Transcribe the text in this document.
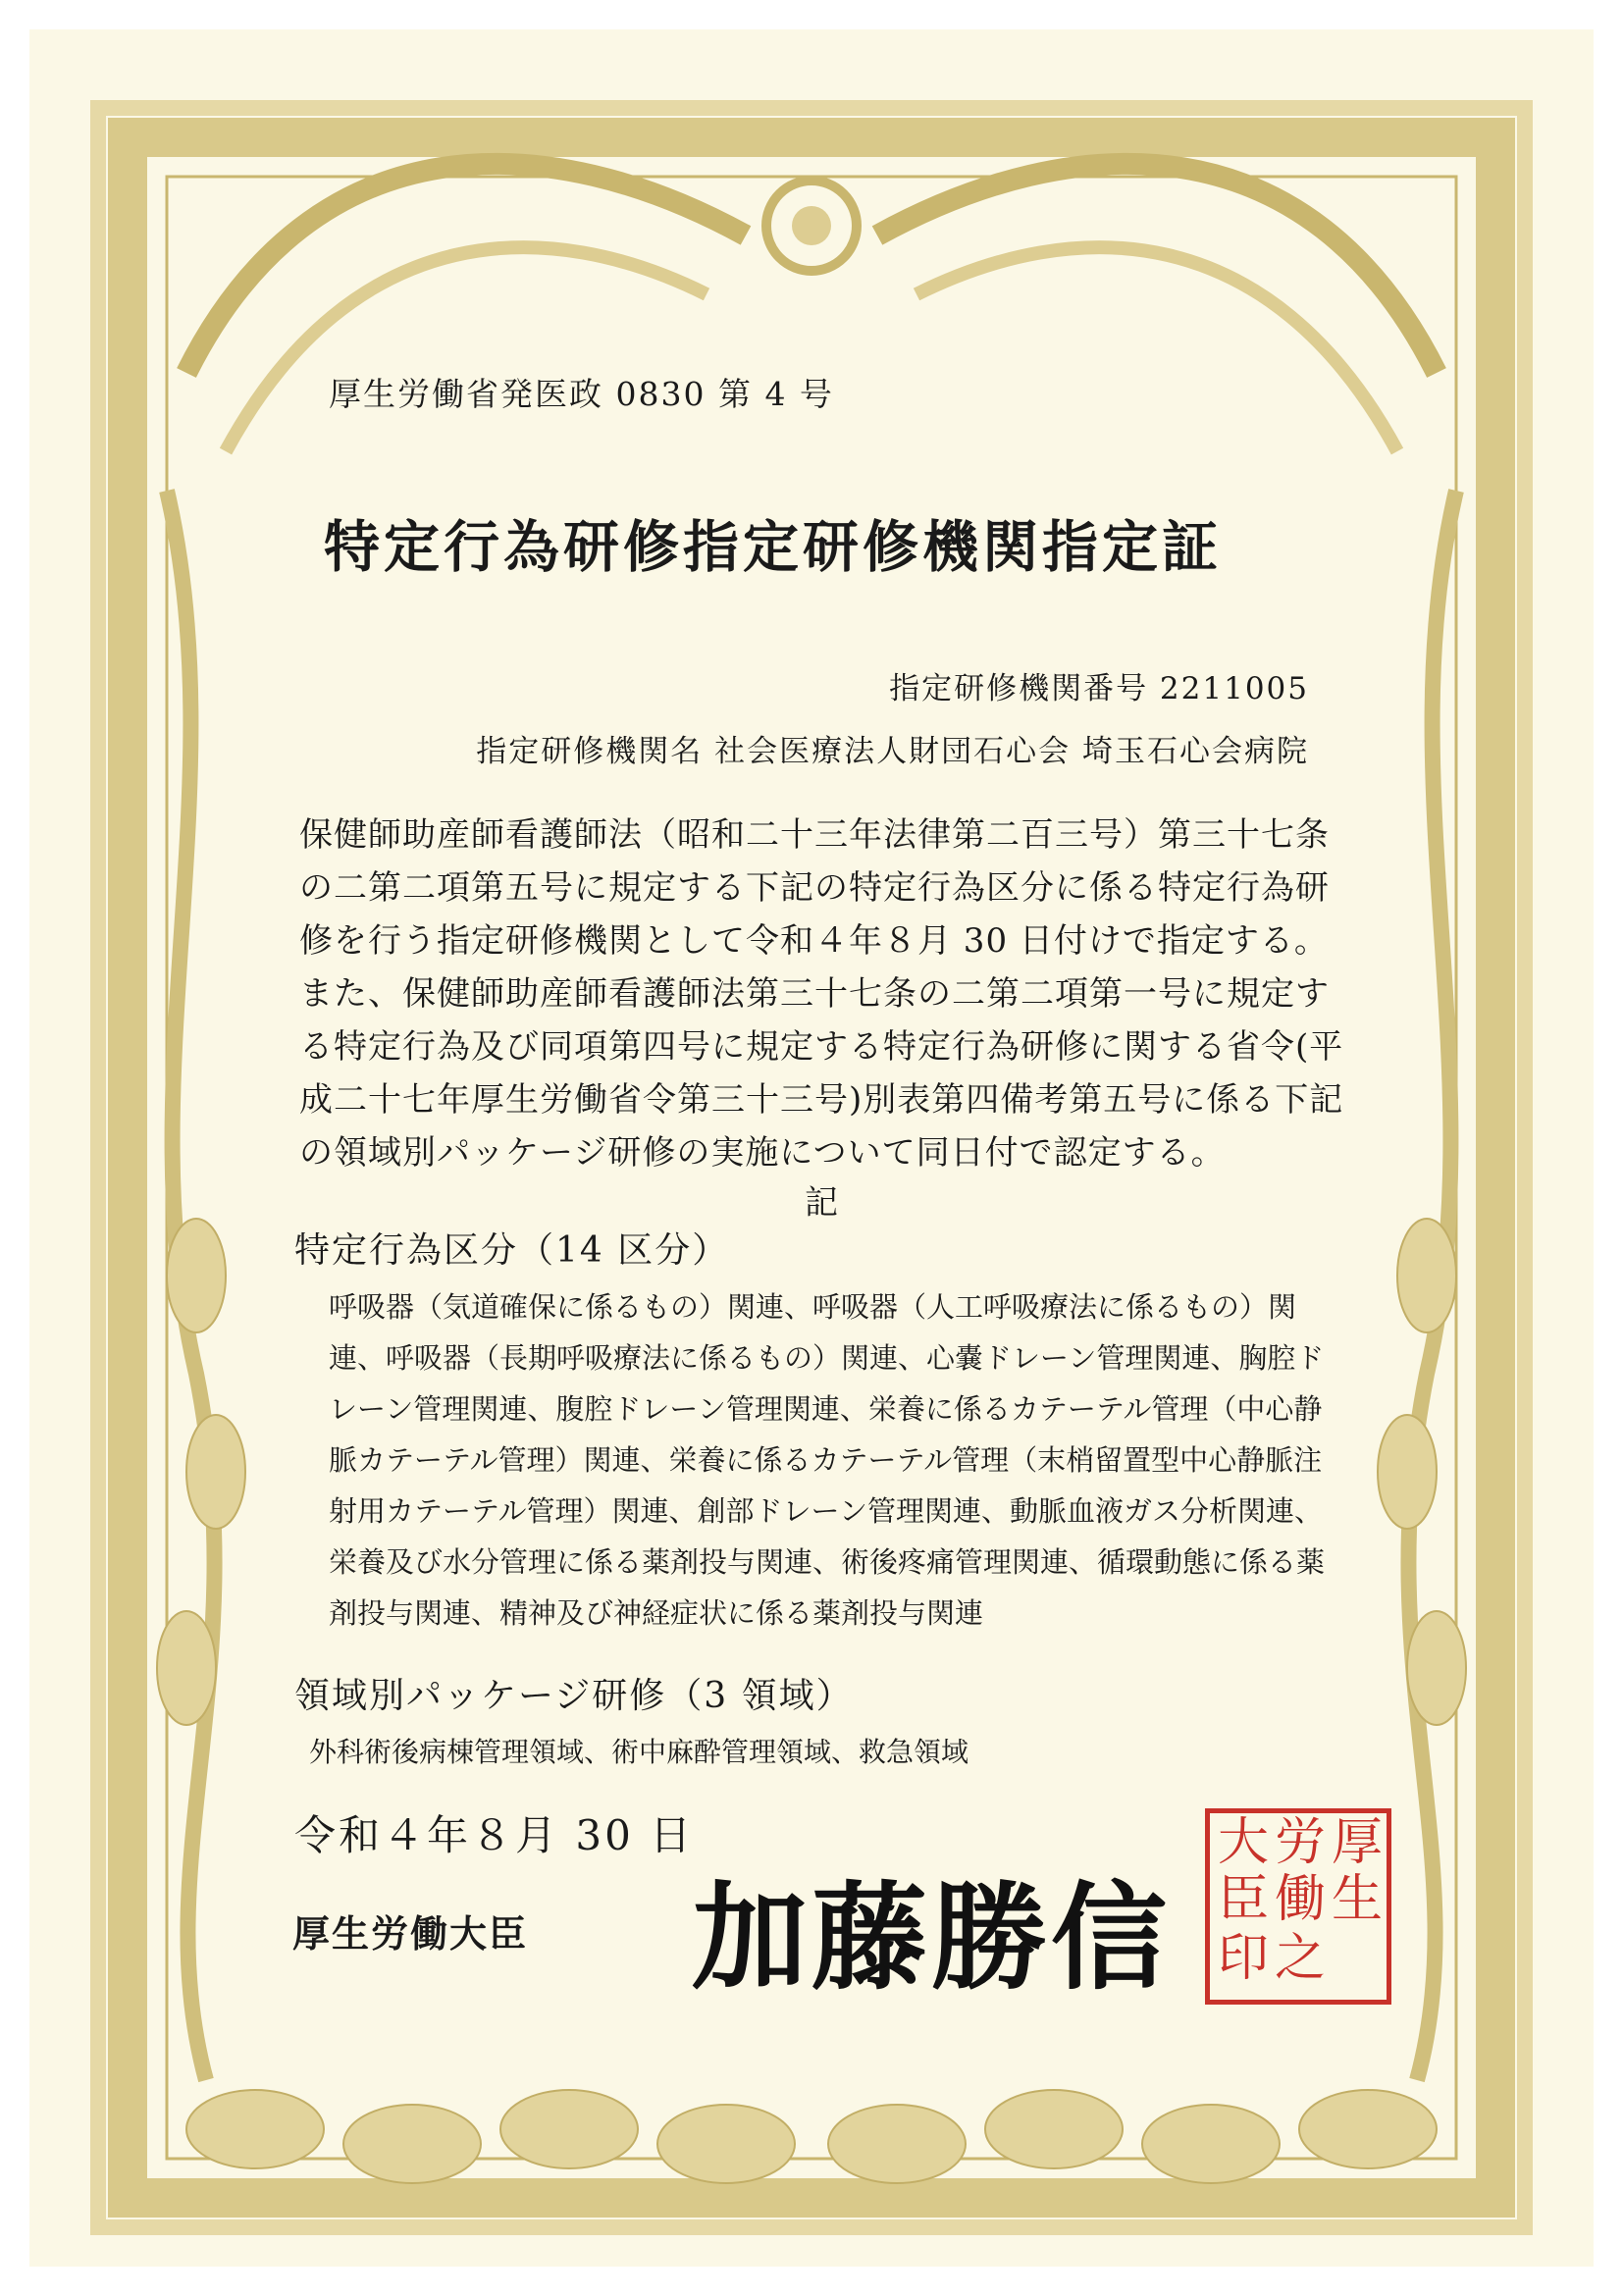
厚生労働省発医政 0830 第 4 号
特定行為研修指定研修機関指定証
指定研修機関番号 2211005
指定研修機関名 社会医療法人財団石心会 埼玉石心会病院

保健師助産師看護師法（昭和二十三年法律第二百三号）第三十七条の二第二項第五号に規定する下記の特定行為区分に係る特定行為研修を行う指定研修機関として令和４年８月 30 日付けで指定する。また、保健師助産師看護師法第三十七条の二第二項第一号に規定する特定行為及び同項第四号に規定する特定行為研修に関する省令(平成二十七年厚生労働省令第三十三号)別表第四備考第五号に係る下記の領域別パッケージ研修の実施について同日付で認定する。

記
特定行為区分（14 区分）
呼吸器（気道確保に係るもの）関連、呼吸器（人工呼吸療法に係るもの）関連、呼吸器（長期呼吸療法に係るもの）関連、心嚢ドレーン管理関連、胸腔ドレーン管理関連、腹腔ドレーン管理関連、栄養に係るカテーテル管理（中心静脈カテーテル管理）関連、栄養に係るカテーテル管理（末梢留置型中心静脈注射用カテーテル管理）関連、創部ドレーン管理関連、動脈血液ガス分析関連、栄養及び水分管理に係る薬剤投与関連、術後疼痛管理関連、循環動態に係る薬剤投与関連、精神及び神経症状に係る薬剤投与関連
領域別パッケージ研修（3 領域）
外科術後病棟管理領域、術中麻酔管理領域、救急領域
令和４年８月 30 日
厚生労働大臣 加藤勝信
厚
生
労
働
大
臣
之
印
